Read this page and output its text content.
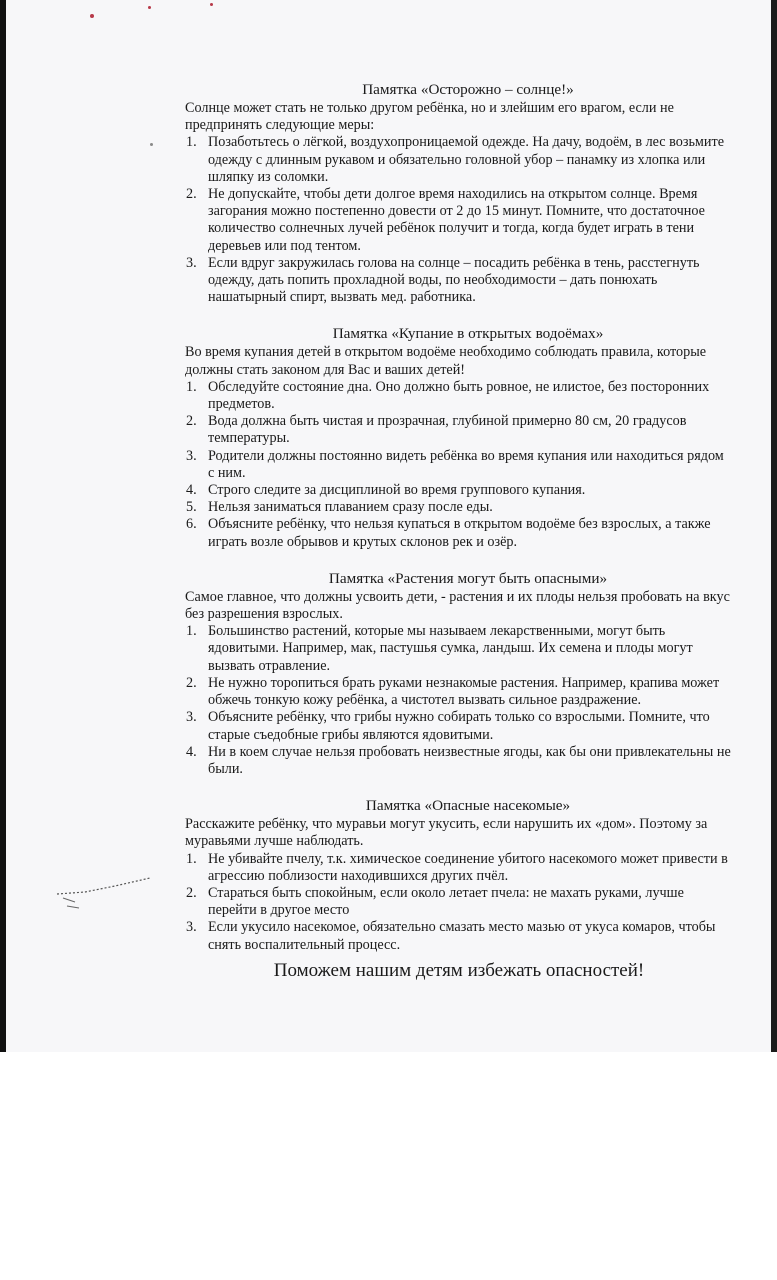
Памятка «Осторожно – солнце!»

Солнце может стать не только другом ребёнка, но и злейшим его врагом, если не предпринять следующие меры:

1. Позаботьтесь о лёгкой, воздухопроницаемой одежде. На дачу, водоём, в лес возьмите одежду с длинным рукавом и обязательно головной убор – панамку из хлопка или шляпку из соломки.
2. Не допускайте, чтобы дети долгое время находились на открытом солнце. Время загорания можно постепенно довести от 2 до 15 минут. Помните, что достаточное количество солнечных лучей ребёнок получит и тогда, когда будет играть в тени деревьев или под тентом.
3. Если вдруг закружилась голова на солнце – посадить ребёнка в тень, расстегнуть одежду, дать попить прохладной воды, по необходимости – дать понюхать нашатырный спирт, вызвать мед. работника.
Памятка «Купание в открытых водоёмах»

Во время купания детей в открытом водоёме необходимо соблюдать правила, которые должны стать законом для Вас и ваших детей!

1. Обследуйте состояние дна. Оно должно быть ровное, не илистое, без посторонних предметов.
2. Вода должна быть чистая и прозрачная, глубиной примерно 80 см, 20 градусов температуры.
3. Родители должны постоянно видеть ребёнка во время купания или находиться рядом с ним.
4. Строго следите за дисциплиной во время группового купания.
5. Нельзя заниматься плаванием сразу после еды.
6. Объясните ребёнку, что нельзя купаться в открытом водоёме без взрослых, а также играть возле обрывов и крутых склонов рек и озёр.
Памятка «Растения могут быть опасными»

Самое главное, что должны усвоить дети, - растения и их плоды нельзя пробовать на вкус без разрешения взрослых.

1. Большинство растений, которые мы называем лекарственными, могут быть ядовитыми. Например, мак, пастушья сумка, ландыш. Их семена и плоды могут вызвать отравление.
2. Не нужно торопиться брать руками незнакомые растения. Например, крапива может обжечь тонкую кожу ребёнка, а чистотел вызвать сильное раздражение.
3. Объясните ребёнку, что грибы нужно собирать только со взрослыми. Помните, что старые съедобные грибы являются ядовитыми.
4. Ни в коем случае нельзя пробовать неизвестные ягоды, как бы они привлекательны не были.
Памятка «Опасные насекомые»

Расскажите ребёнку, что муравьи могут укусить, если нарушить их «дом». Поэтому за муравьями лучше наблюдать.

1. Не убивайте пчелу, т.к. химическое соединение убитого насекомого может привести в агрессию поблизости находившихся других пчёл.
2. Стараться быть спокойным, если около летает пчела: не махать руками, лучше перейти в другое место
3. Если укусило насекомое, обязательно смазать место мазью от укуса комаров, чтобы снять воспалительный процесс.
Поможем нашим детям избежать опасностей!
